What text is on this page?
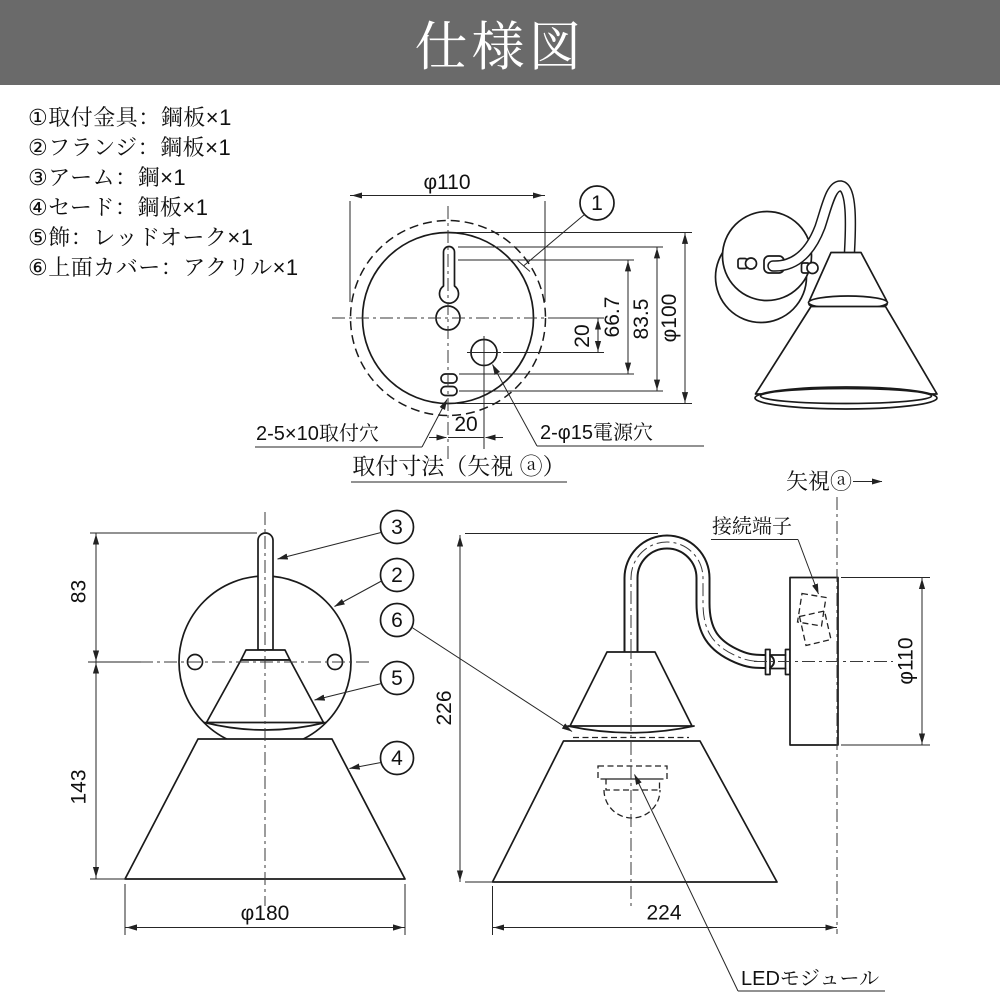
仕様図
①取付金具：鋼板×1
②フランジ：鋼板×1
③アーム：鋼×1
④セード：鋼板×1
⑤飾：レッドオーク×1
⑥上面カバー：アクリル×1
φ110
20 66.7 83.5 φ100
20
2-5×10取付穴	2-φ15電源穴
取付寸法（矢視 ⓐ）
1
83
143
φ180
226
φ110
224
接続端子
矢視ⓐ
LEDモジュール
3
2
6
5
4
